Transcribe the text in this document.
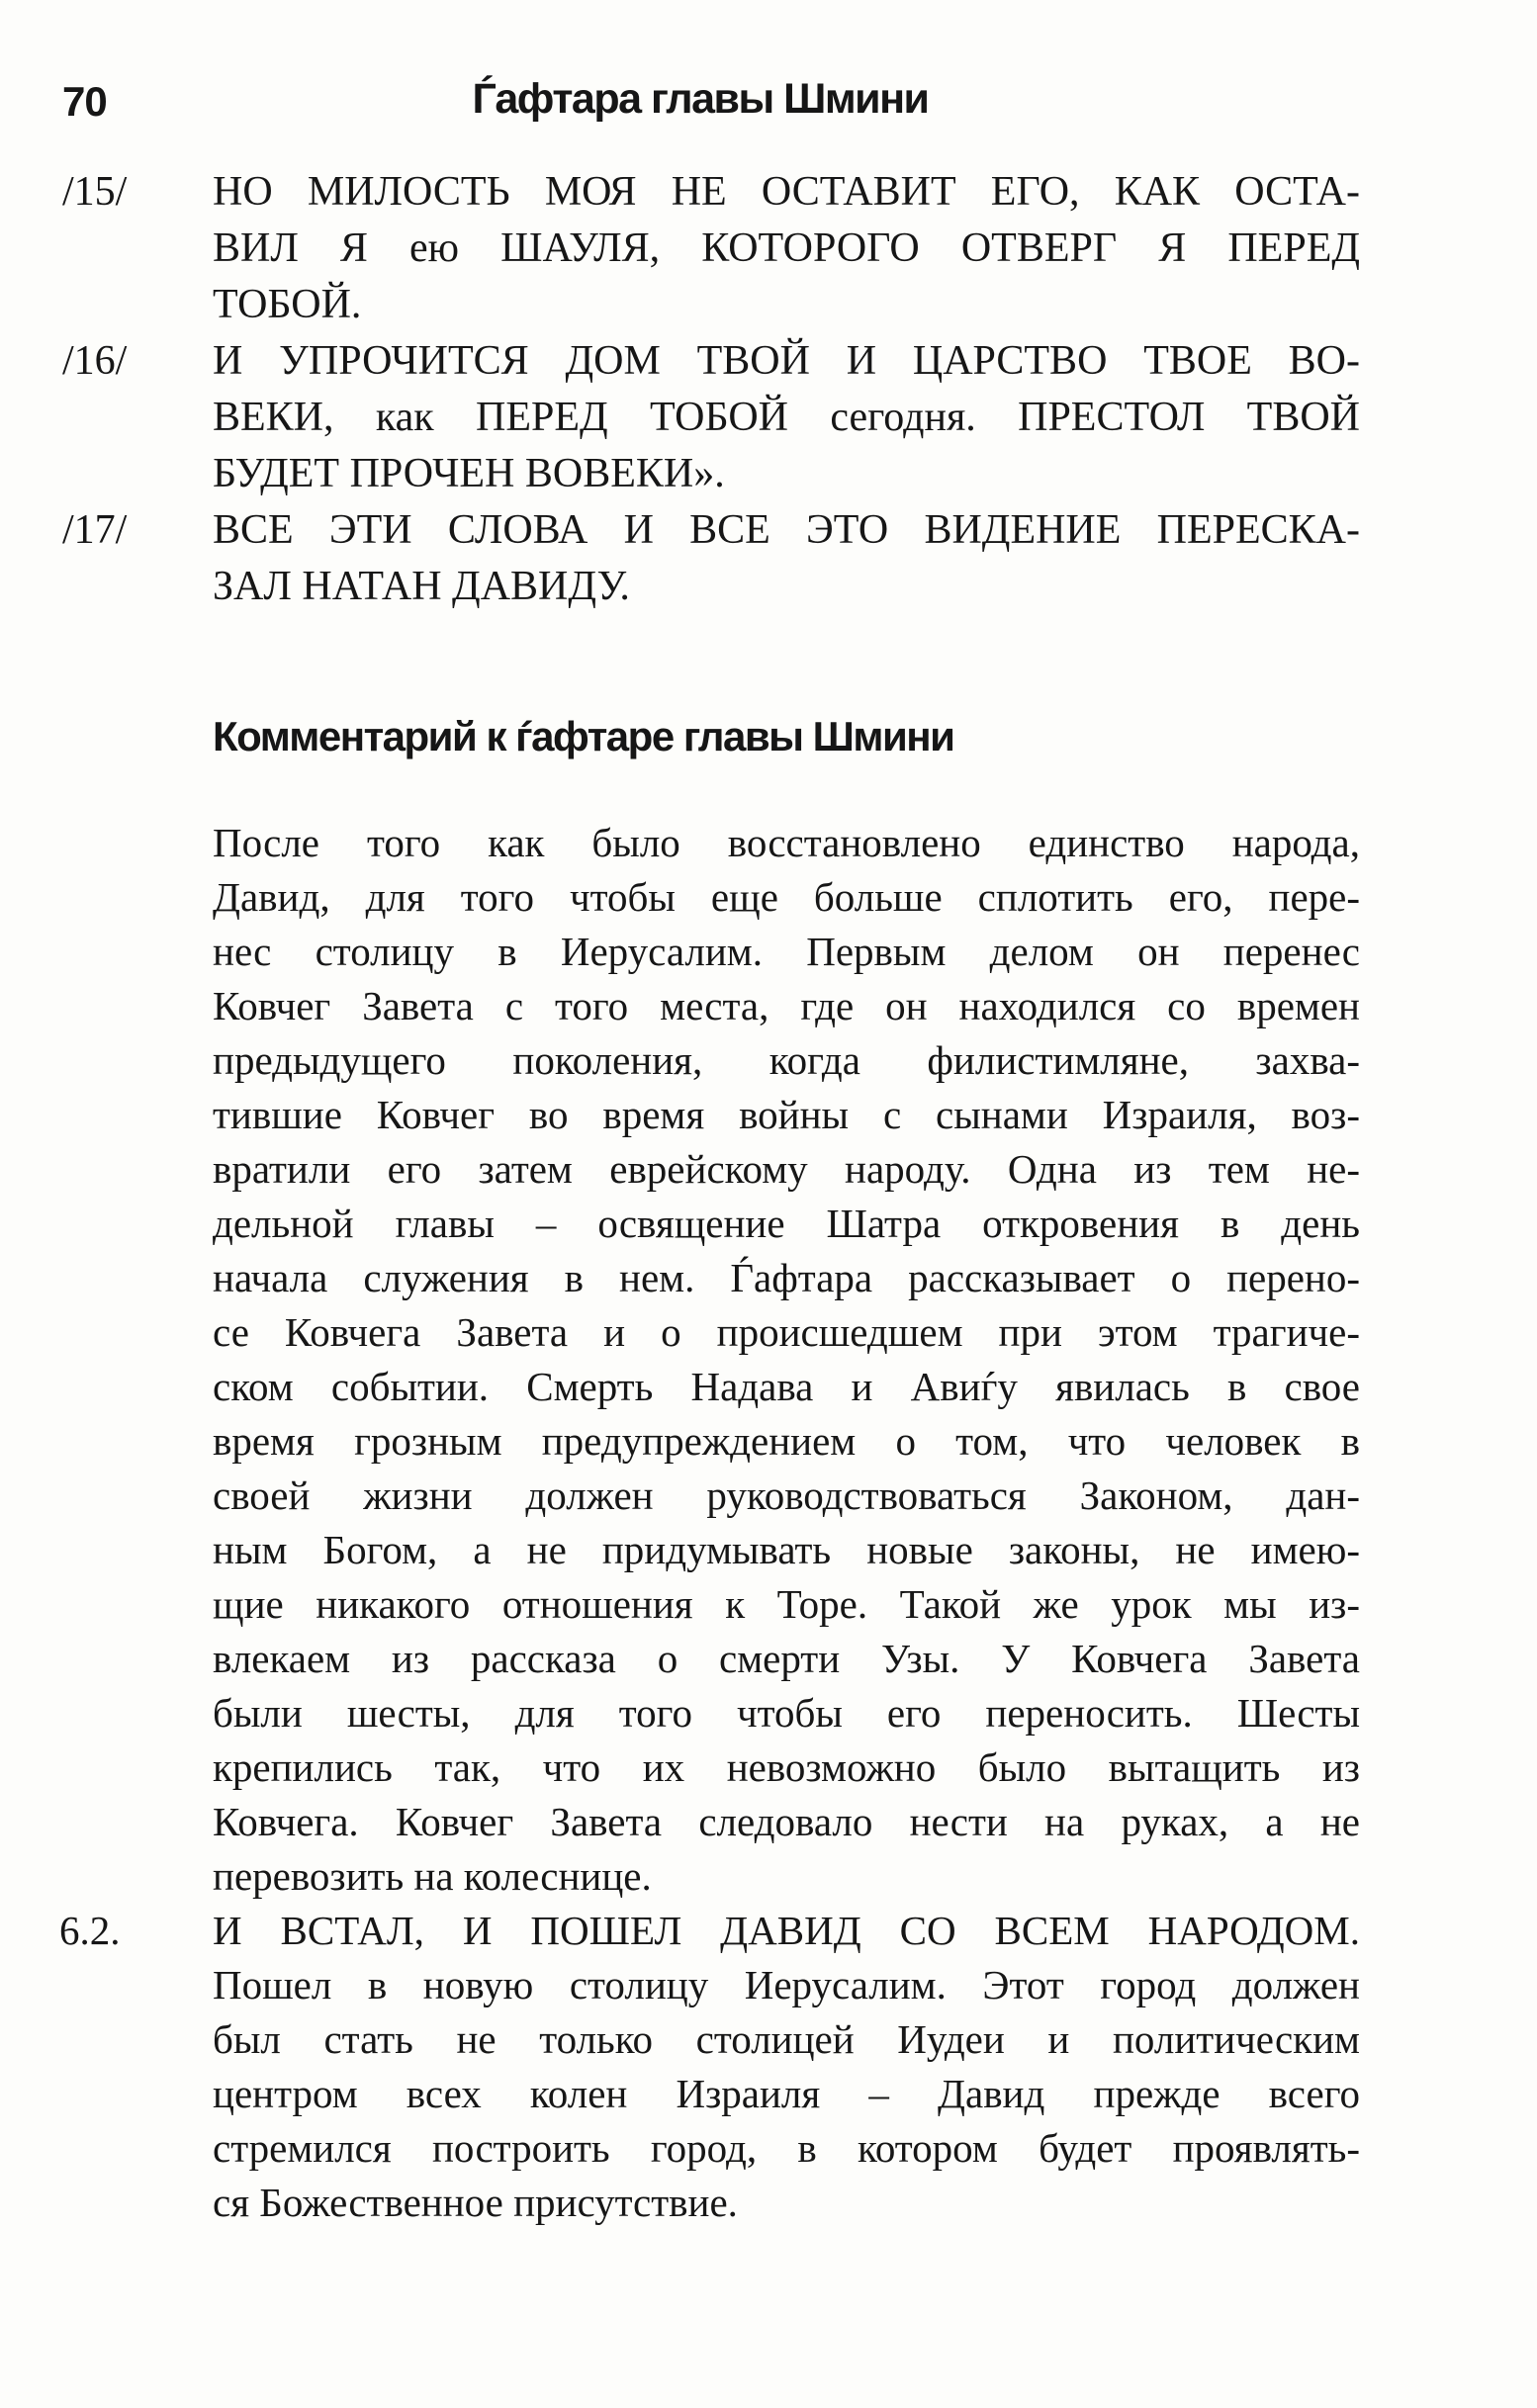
70	Ѓафтара главы Шмини
/15/
/16/
/17/
НО МИЛОСТЬ МОЯ НЕ ОСТАВИТ ЕГО, КАК ОСТА-
ВИЛ Я ею ШАУЛЯ, КОТОРОГО ОТВЕРГ Я ПЕРЕД
ТОБОЙ.
И УПРОЧИТСЯ ДОМ ТВОЙ И ЦАРСТВО ТВОЕ ВО-
ВЕКИ, как ПЕРЕД ТОБОЙ сегодня. ПРЕСТОЛ ТВОЙ
БУДЕТ ПРОЧЕН ВОВЕКИ».
ВСЕ ЭТИ СЛОВА И ВСЕ ЭТО ВИДЕНИЕ ПЕРЕСКА-
ЗАЛ НАТАН ДАВИДУ.
Комментарий к ѓафтаре главы Шмини
6.2.
После того как было восстановлено единство народа,
Давид, для того чтобы еще больше сплотить его, пере-
нес столицу в Иерусалим. Первым делом он перенес
Ковчег Завета с того места, где он находился со времен
предыдущего поколения, когда филистимляне, захва-
тившие Ковчег во время войны с сынами Израиля, воз-
вратили его затем еврейскому народу. Одна из тем не-
дельной главы – освящение Шатра откровения в день
начала служения в нем. Ѓафтара рассказывает о перено-
се Ковчега Завета и о происшедшем при этом трагиче-
ском событии. Смерть Надава и Авиѓу явилась в свое
время грозным предупреждением о том, что человек в
своей жизни должен руководствоваться Законом, дан-
ным Богом, а не придумывать новые законы, не имею-
щие никакого отношения к Торе. Такой же урок мы из-
влекаем из рассказа о смерти Узы. У Ковчега Завета
были шесты, для того чтобы его переносить. Шесты
крепились так, что их невозможно было вытащить из
Ковчега. Ковчег Завета следовало нести на руках, а не
перевозить на колеснице.
И ВСТАЛ, И ПОШЕЛ ДАВИД СО ВСЕМ НАРОДОМ.
Пошел в новую столицу Иерусалим. Этот город должен
был стать не только столицей Иудеи и политическим
центром всех колен Израиля – Давид прежде всего
стремился построить город, в котором будет проявлять-
ся Божественное присутствие.
